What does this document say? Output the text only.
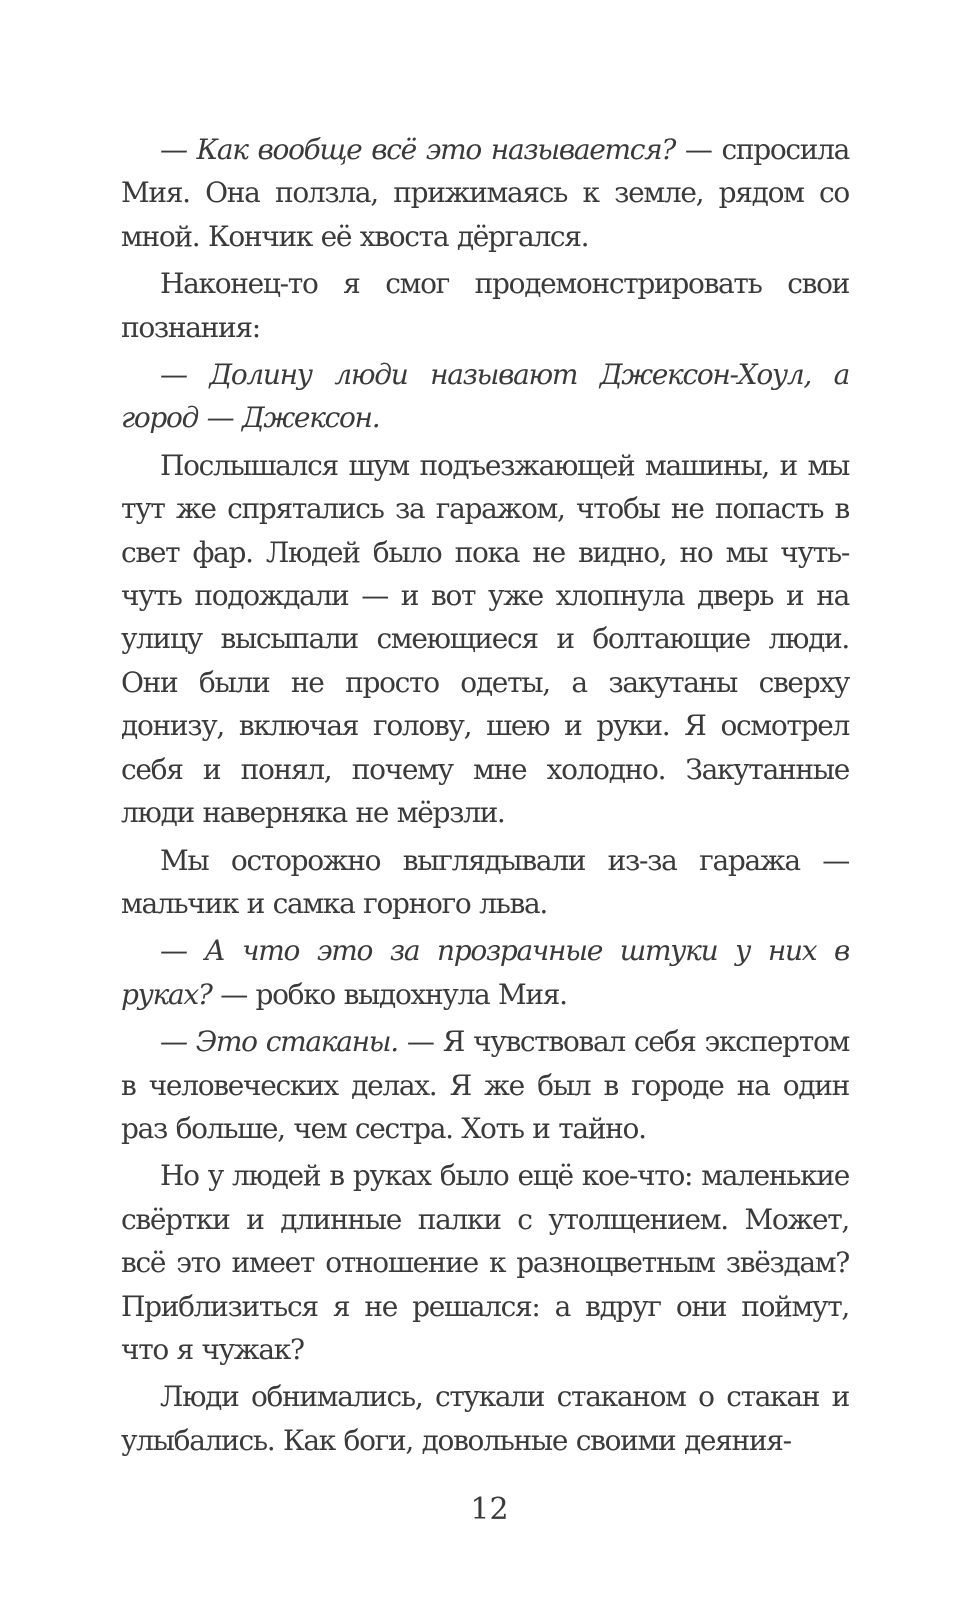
— Как вообще всё это называется? — спросила Мия. Она ползла, прижимаясь к земле, рядом со мной. Кончик её хвоста дёргался.

Наконец-то я смог продемонстрировать свои познания:

— Долину люди называют Джексон-Хоул, а город — Джексон.

Послышался шум подъезжающей машины, и мы тут же спрятались за гаражом, чтобы не попасть в свет фар. Людей было пока не видно, но мы чуть-чуть подождали — и вот уже хлопнула дверь и на улицу высыпали смеющиеся и болтающие люди. Они были не просто одеты, а закутаны сверху донизу, включая голову, шею и руки. Я осмотрел себя и понял, почему мне холодно. Закутанные люди наверняка не мёрзли.

Мы осторожно выглядывали из-за гаража — мальчик и самка горного льва.

— А что это за прозрачные штуки у них в руках? — робко выдохнула Мия.

— Это стаканы. — Я чувствовал себя экспертом в человеческих делах. Я же был в городе на один раз больше, чем сестра. Хоть и тайно.

Но у людей в руках было ещё кое-что: маленькие свёртки и длинные палки с утолщением. Может, всё это имеет отношение к разноцветным звёздам? Приблизиться я не решался: а вдруг они поймут, что я чужак?

Люди обнимались, стукали стаканом о стакан и улыбались. Как боги, довольные своими деяния-

12
